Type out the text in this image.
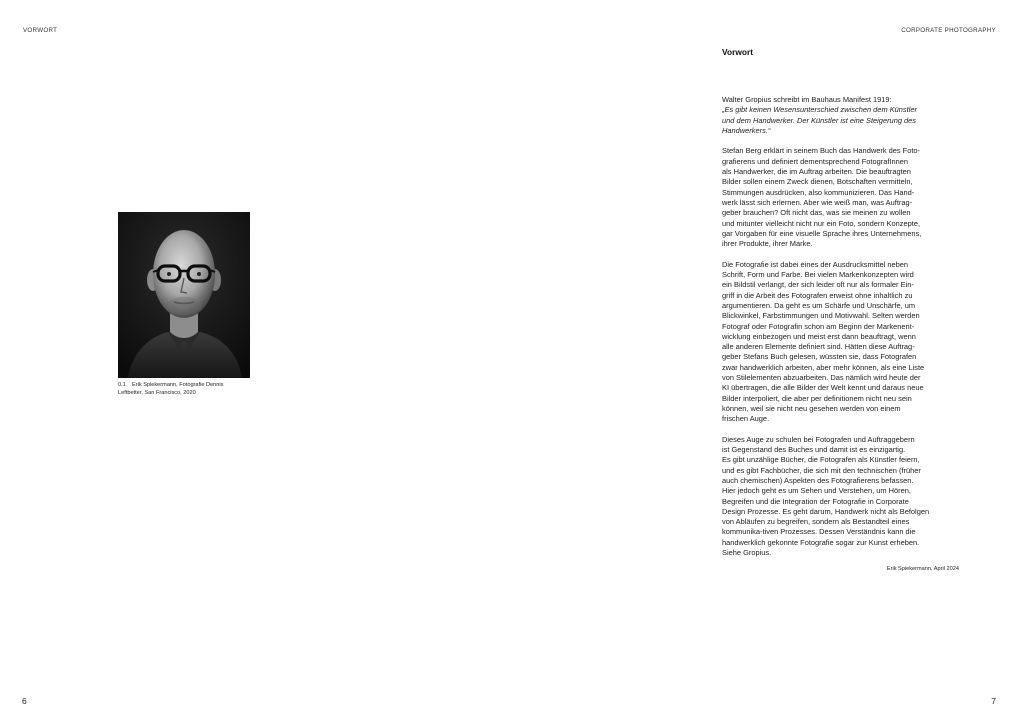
VORWORT
0.1 Erik Spiekermann, Fotografie Dennis
Leftbetter, San Francisco, 2020
6
CORPORATE PHOTOGRAPHY
Vorwort

Walter Gropius schreibt im Bauhaus Manifest 1919:
„Es gibt keinen Wesensunterschied zwischen dem Künstler
und dem Handwerker. Der Künstler ist eine Steigerung des
Handwerkers.“

Stefan Berg erklärt in seinem Buch das Handwerk des Foto-
grafierens und definiert dementsprechend FotografInnen
als Handwerker, die im Auftrag arbeiten. Die beauftragten
Bilder sollen einem Zweck dienen, Botschaften vermitteln,
Stimmungen ausdrücken, also kommunizieren. Das Hand-
werk lässt sich erlernen. Aber wie weiß man, was Auftrag-
geber brauchen? Oft nicht das, was sie meinen zu wollen
und mitunter vielleicht nicht nur ein Foto, sondern Konzepte,
gar Vorgaben für eine visuelle Sprache ihres Unternehmens,
ihrer Produkte, ihrer Marke.

Die Fotografie ist dabei eines der Ausdrucksmittel neben
Schrift, Form und Farbe. Bei vielen Markenkonzepten wird
ein Bildstil verlangt, der sich leider oft nur als formaler Ein-
griff in die Arbeit des Fotografen erweist ohne inhaltlich zu
argumentieren. Da geht es um Schärfe und Unschärfe, um
Blickwinkel, Farbstimmungen und Motivwahl. Selten werden
Fotograf oder Fotografin schon am Beginn der Markenent-
wicklung einbezogen und meist erst dann beauftragt, wenn
alle anderen Elemente definiert sind. Hätten diese Auftrag-
geber Stefans Buch gelesen, wüssten sie, dass Fotografen
zwar handwerklich arbeiten, aber mehr können, als eine Liste
von Stilelementen abzuarbeiten. Das nämlich wird heute der
KI übertragen, die alle Bilder der Welt kennt und daraus neue
Bilder interpoliert, die aber per definitionem nicht neu sein
können, weil sie nicht neu gesehen werden von einem
frischen Auge.

Dieses Auge zu schulen bei Fotografen und Auftraggebern
ist Gegenstand des Buches und damit ist es einzigartig.
Es gibt unzählige Bücher, die Fotografen als Künstler feiern,
und es gibt Fachbücher, die sich mit den technischen (früher
auch chemischen) Aspekten des Fotografierens befassen.
Hier jedoch geht es um Sehen und Verstehen, um Hören,
Begreifen und die Integration der Fotografie in Corporate
Design Prozesse. Es geht darum, Handwerk nicht als Befolgen
von Abläufen zu begreifen, sondern als Bestandteil eines
kommunika-tiven Prozesses. Dessen Verständnis kann die
handwerklich gekonnte Fotografie sogar zur Kunst erheben.
Siehe Gropius.

Erik Spiekermann, April 2024
7
